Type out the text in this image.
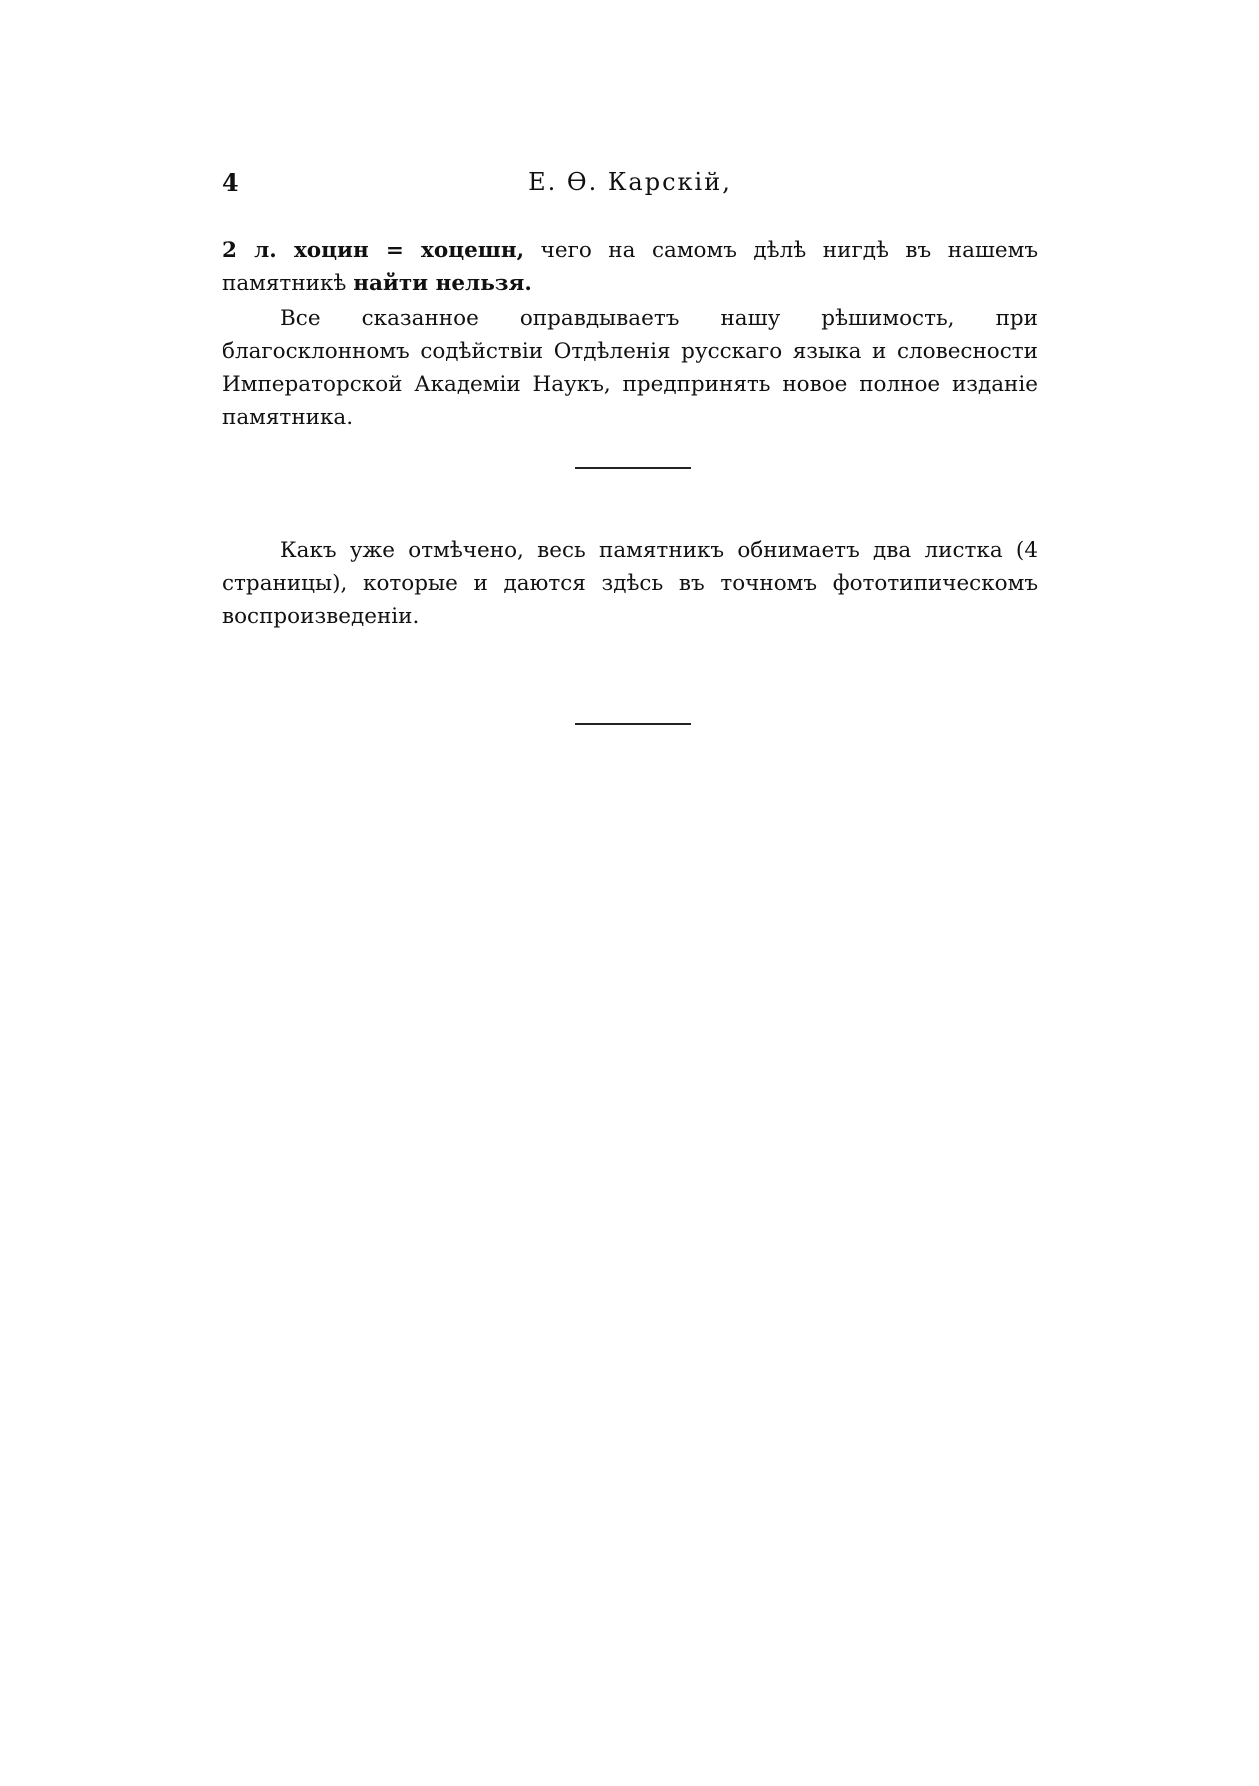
4	Е. Ө. Карскій,

2 л. хоцин = хоцешн, чего на самомъ дѣлѣ нигдѣ въ нашемъ памятникѣ найти нельзя.

Все сказанное оправдываетъ нашу рѣшимость, при благосклонномъ содѣйствіи Отдѣленія русскаго языка и словесности Императорской Академіи Наукъ, предпринять новое полное изданіе памятника.

Какъ уже отмѣчено, весь памятникъ обнимаетъ два листка (4 страницы), которые и даются здѣсь въ точномъ фототипическомъ воспроизведеніи.
